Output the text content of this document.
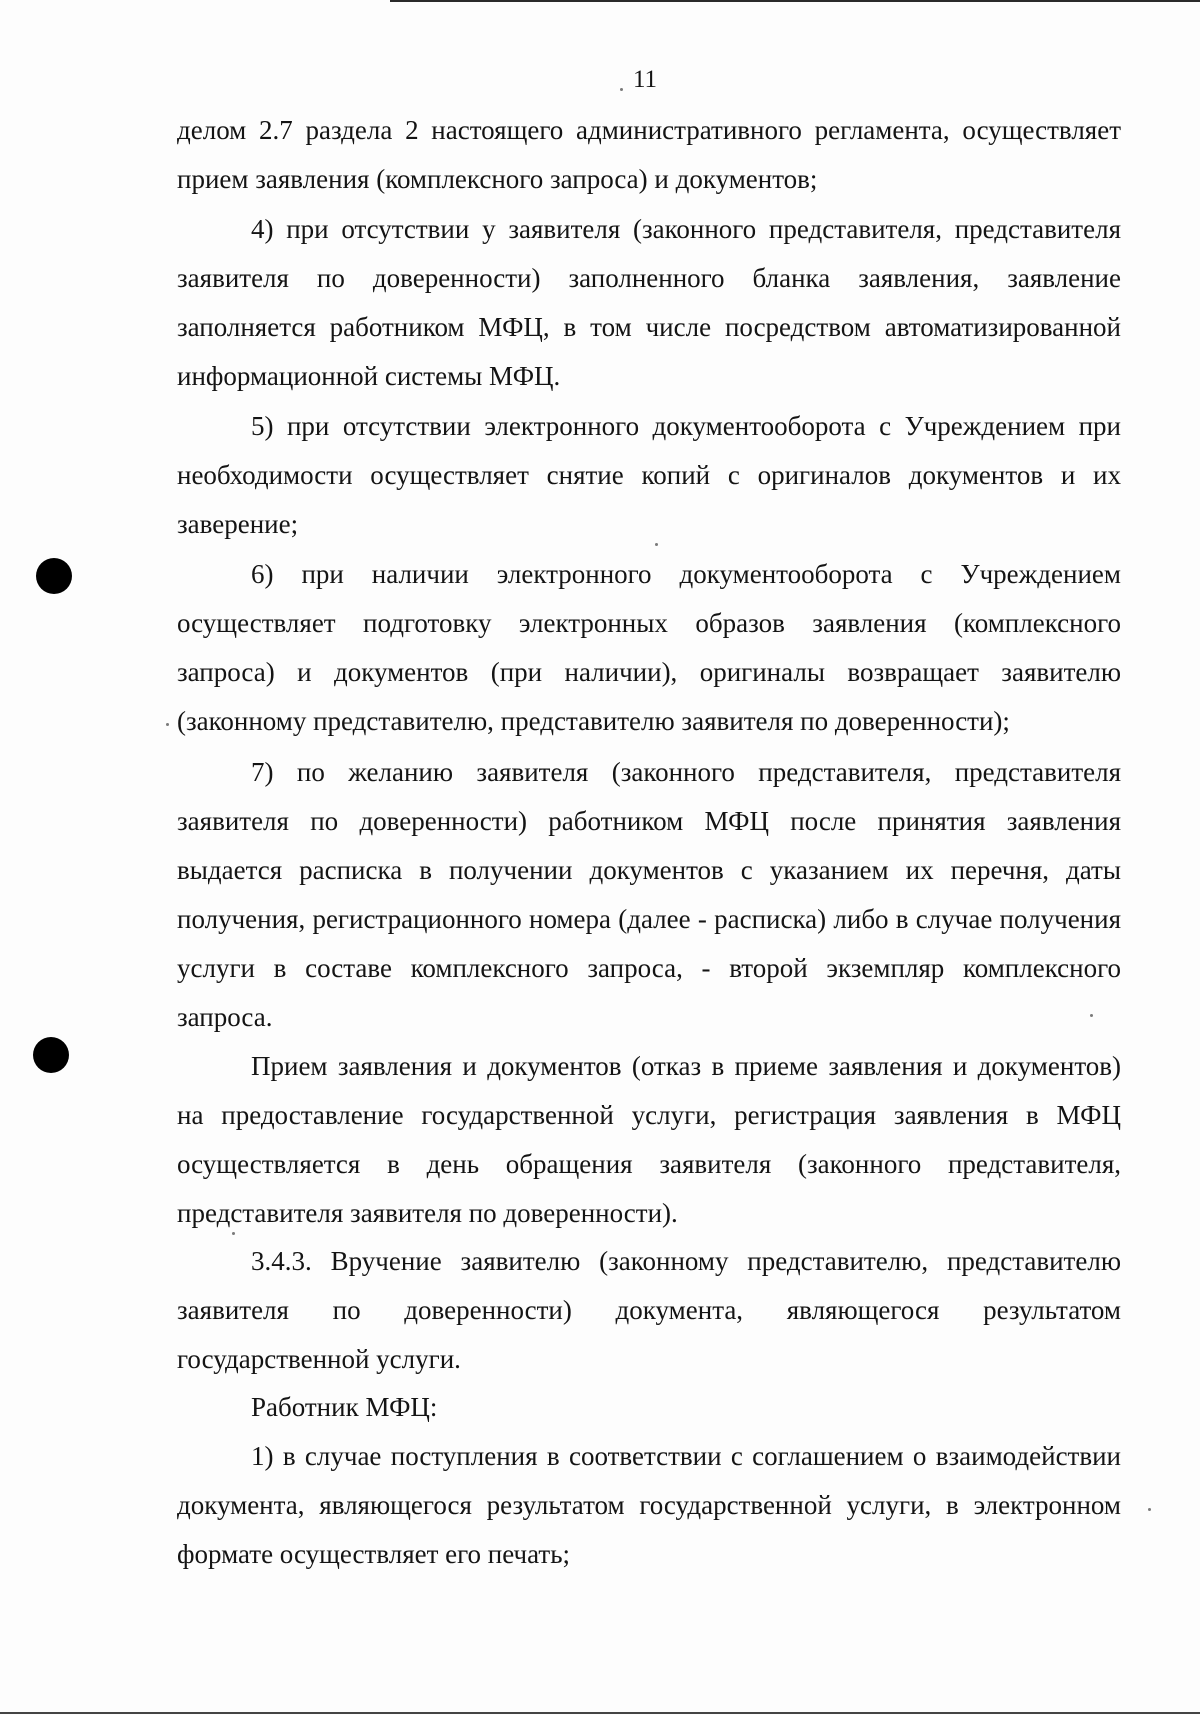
11

делом 2.7 раздела 2 настоящего административного регламента, осуществляет прием заявления (комплексного запроса) и документов;

4) при отсутствии у заявителя (законного представителя, представителя заявителя по доверенности) заполненного бланка заявления, заявление заполняется работником МФЦ, в том числе посредством автоматизированной информационной системы МФЦ.

5) при отсутствии электронного документооборота с Учреждением при необходимости осуществляет снятие копий с оригиналов документов и их заверение;

6) при наличии электронного документооборота с Учреждением осуществляет подготовку электронных образов заявления (комплексного запроса) и документов (при наличии), оригиналы возвращает заявителю (законному представителю, представителю заявителя по доверенности);

7) по желанию заявителя (законного представителя, представителя заявителя по доверенности) работником МФЦ после принятия заявления выдается расписка в получении документов с указанием их перечня, даты получения, регистрационного номера (далее - расписка) либо в случае получения услуги в составе комплексного запроса, - второй экземпляр комплексного запроса.

Прием заявления и документов (отказ в приеме заявления и документов) на предоставление государственной услуги, регистрация заявления в МФЦ осуществляется в день обращения заявителя (законного представителя, представителя заявителя по доверенности).

3.4.3. Вручение заявителю (законному представителю, представителю заявителя по доверенности) документа, являющегося результатом государственной услуги.

Работник МФЦ:

1) в случае поступления в соответствии с соглашением о взаимодействии документа, являющегося результатом государственной услуги, в электронном формате осуществляет его печать;
